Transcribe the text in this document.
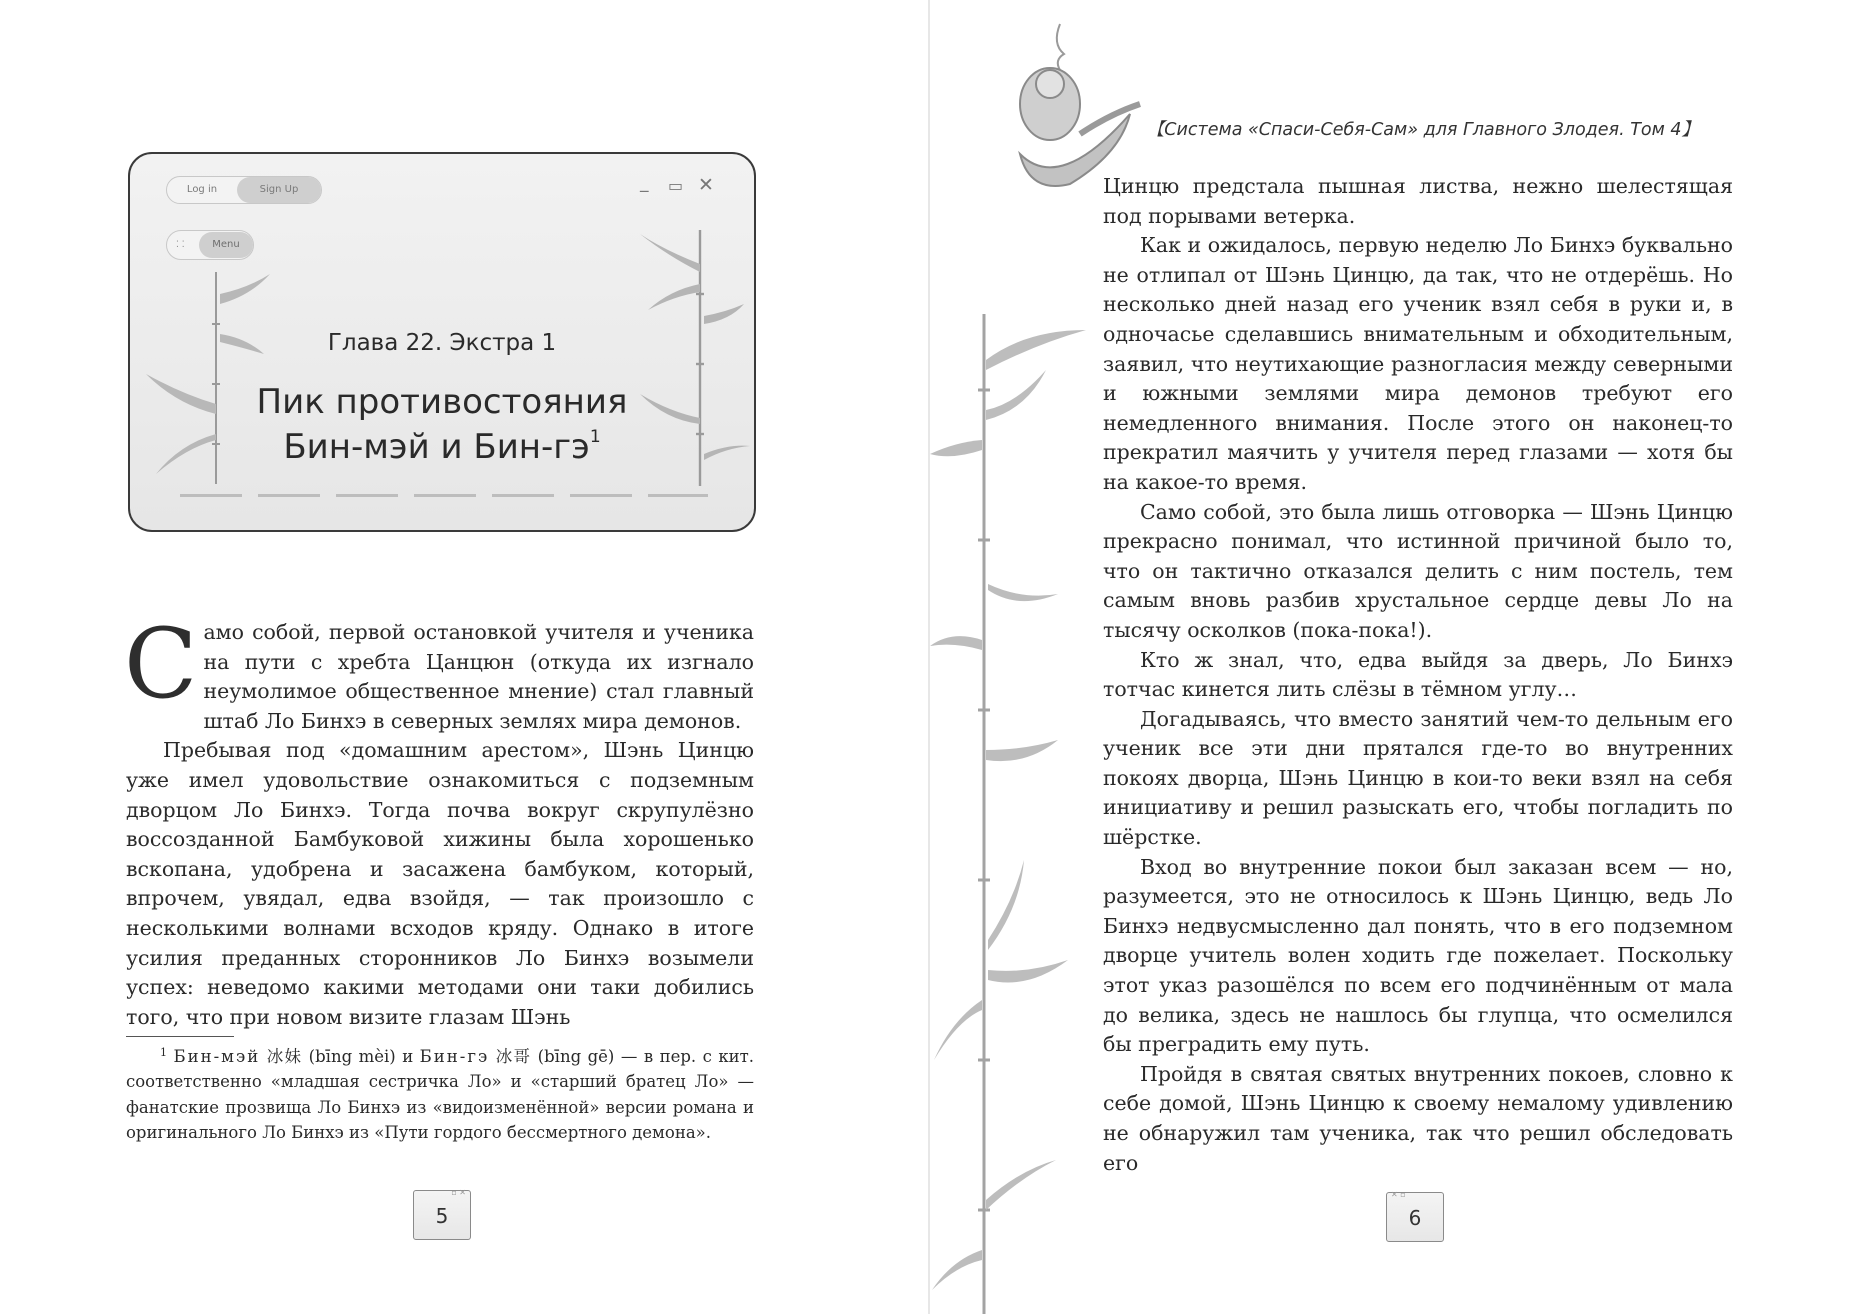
Log in	Sign Up
⁚ ⁚	Menu
_ ▭ ✕
Глава 22. Экстра 1
Пик противостояния
Бин-мэй и Бин-$гэ^1$

Само собой, первой остановкой учителя и ученика на пути с хребта Цанцюн (откуда их изгнало неумолимое общественное мнение) стал главный штаб Ло Бинхэ в северных землях мира демонов.

Пребывая под «домашним арестом», Шэнь Цинцю уже имел удовольствие ознакомиться с подземным дворцом Ло Бинхэ. Тогда почва вокруг скрупулёзно воссозданной Бамбуковой хижины была хорошенько вскопана, удобрена и засажена бамбуком, который, впрочем, увядал, едва взойдя, — так произошло с несколькими волнами всходов кряду. Однако в итоге усилия преданных сторонников Ло Бинхэ возымели успех: неведомо какими методами они таки добились того, что при новом визите глазам Шэнь

$^1$ Бин-мэй 冰妹 (bīng mèi) и Бин-гэ 冰哥 (bīng gē) — в пер. с кит. соответственно «младшая сестричка Ло» и «старший братец Ло» — фанатские прозвища Ло Бинхэ из «видоизменённой» версии романа и оригинального Ло Бинхэ из «Пути гордого бессмертного демона».

▫ ✕
5
【Система «Спаси-Себя-Сам» для Главного Злодея. Том 4】

Цинцю предстала пышная листва, нежно шелестящая под порывами ветерка.

Как и ожидалось, первую неделю Ло Бинхэ буквально не отлипал от Шэнь Цинцю, да так, что не отдерёшь. Но несколько дней назад его ученик взял себя в руки и, в одночасье сделавшись внимательным и обходительным, заявил, что неутихающие разногласия между северными и южными землями мира демонов требуют его немедленного внимания. После этого он наконец-то прекратил маячить у учителя перед глазами — хотя бы на какое-то время.

Само собой, это была лишь отговорка — Шэнь Цинцю прекрасно понимал, что истинной причиной было то, что он тактично отказался делить с ним постель, тем самым вновь разбив хрустальное сердце девы Ло на тысячу осколков (пока-пока!).

Кто ж знал, что, едва выйдя за дверь, Ло Бинхэ тотчас кинется лить слёзы в тёмном углу…

Догадываясь, что вместо занятий чем-то дельным его ученик все эти дни прятался где-то во внутренних покоях дворца, Шэнь Цинцю в кои-то веки взял на себя инициативу и решил разыскать его, чтобы погладить по шёрстке.

Вход во внутренние покои был заказан всем — но, разумеется, это не относилось к Шэнь Цинцю, ведь Ло Бинхэ недвусмысленно дал понять, что в его подземном дворце учитель волен ходить где пожелает. Поскольку этот указ разошёлся по всем его подчинённым от мала до велика, здесь не нашлось бы глупца, что осмелился бы преградить ему путь.

Пройдя в святая святых внутренних покоев, словно к себе домой, Шэнь Цинцю к своему немалому удивлению не обнаружил там ученика, так что решил обследовать его

✕ ▫
6
